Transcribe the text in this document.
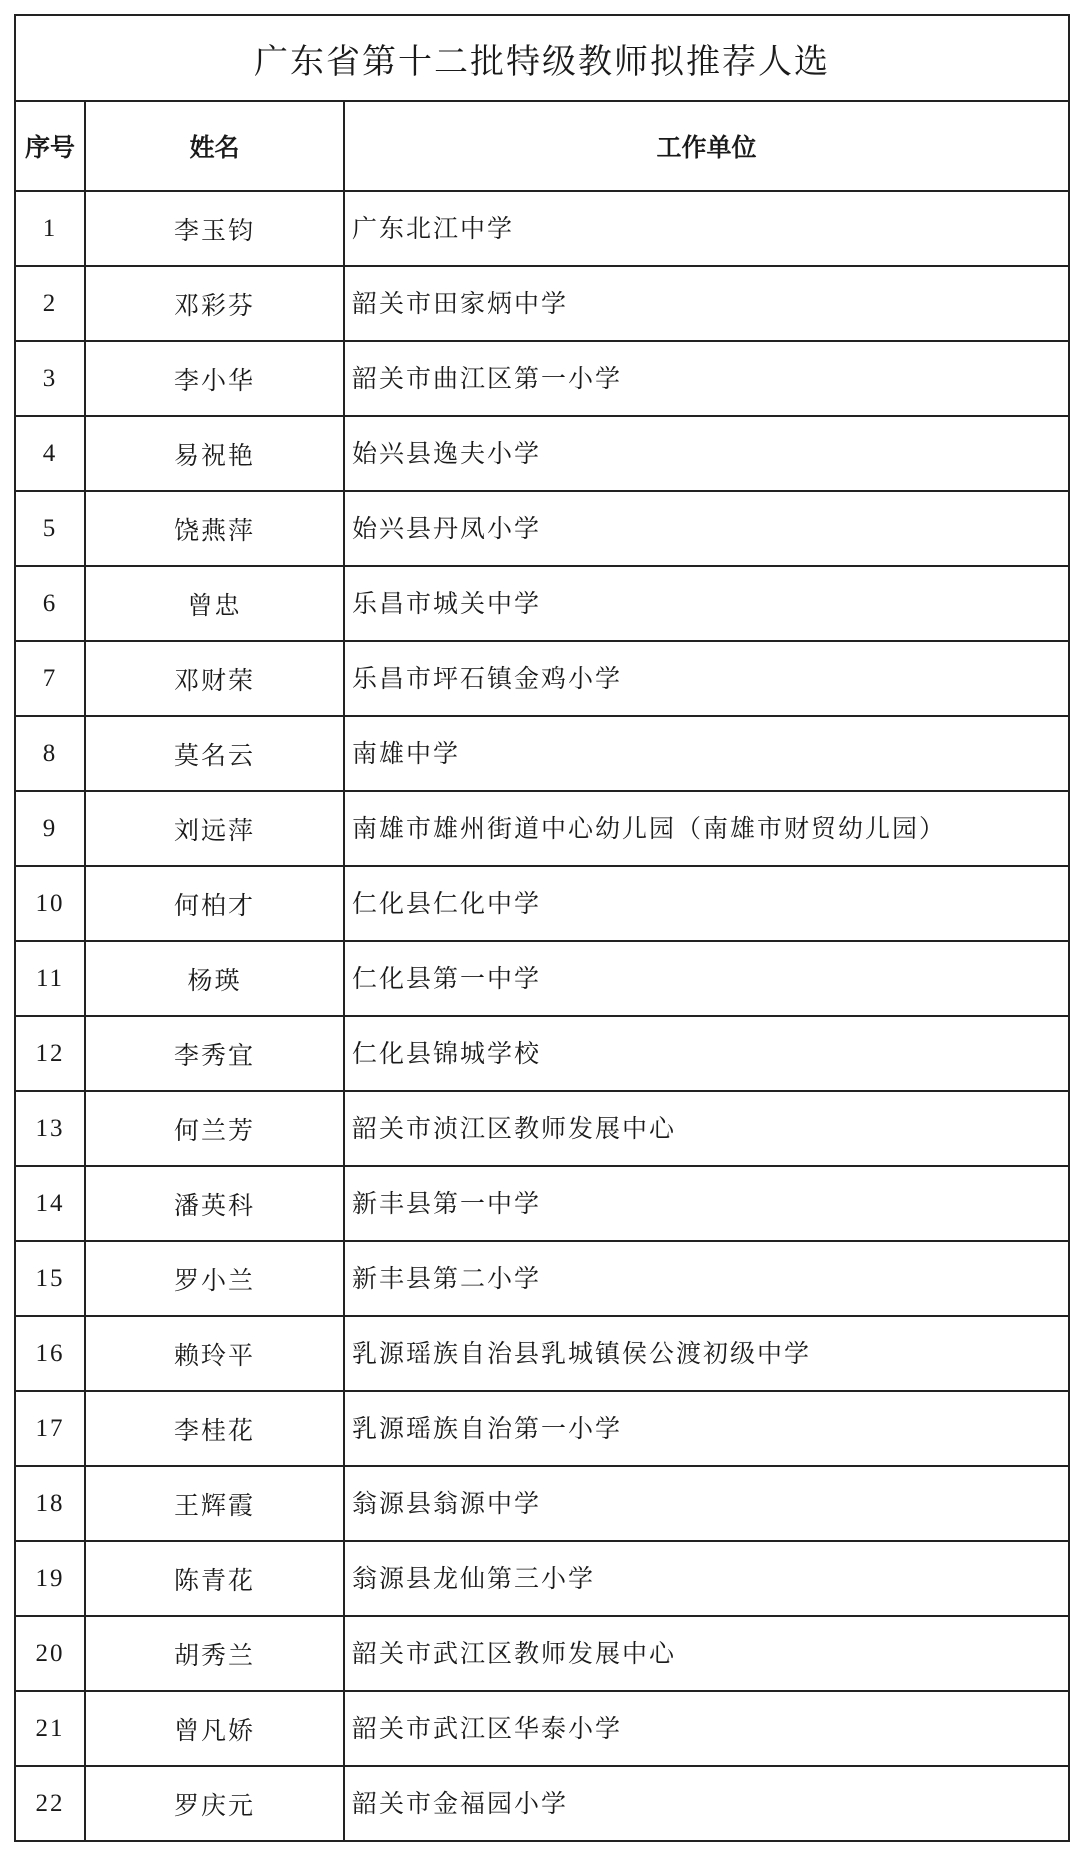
广东省第十二批特级教师拟推荐人选		
序号	姓名	工作单位
1	李玉钧	广东北江中学
2	邓彩芬	韶关市田家炳中学
3	李小华	韶关市曲江区第一小学
4	易祝艳	始兴县逸夫小学
5	饶燕萍	始兴县丹凤小学
6	曾忠	乐昌市城关中学
7	邓财荣	乐昌市坪石镇金鸡小学
8	莫名云	南雄中学
9	刘远萍	南雄市雄州街道中心幼儿园（南雄市财贸幼儿园）
10	何柏才	仁化县仁化中学
11	杨瑛	仁化县第一中学
12	李秀宜	仁化县锦城学校
13	何兰芳	韶关市浈江区教师发展中心
14	潘英科	新丰县第一中学
15	罗小兰	新丰县第二小学
16	赖玲平	乳源瑶族自治县乳城镇侯公渡初级中学
17	李桂花	乳源瑶族自治第一小学
18	王辉霞	翁源县翁源中学
19	陈青花	翁源县龙仙第三小学
20	胡秀兰	韶关市武江区教师发展中心
21	曾凡娇	韶关市武江区华泰小学
22	罗庆元	韶关市金福园小学
